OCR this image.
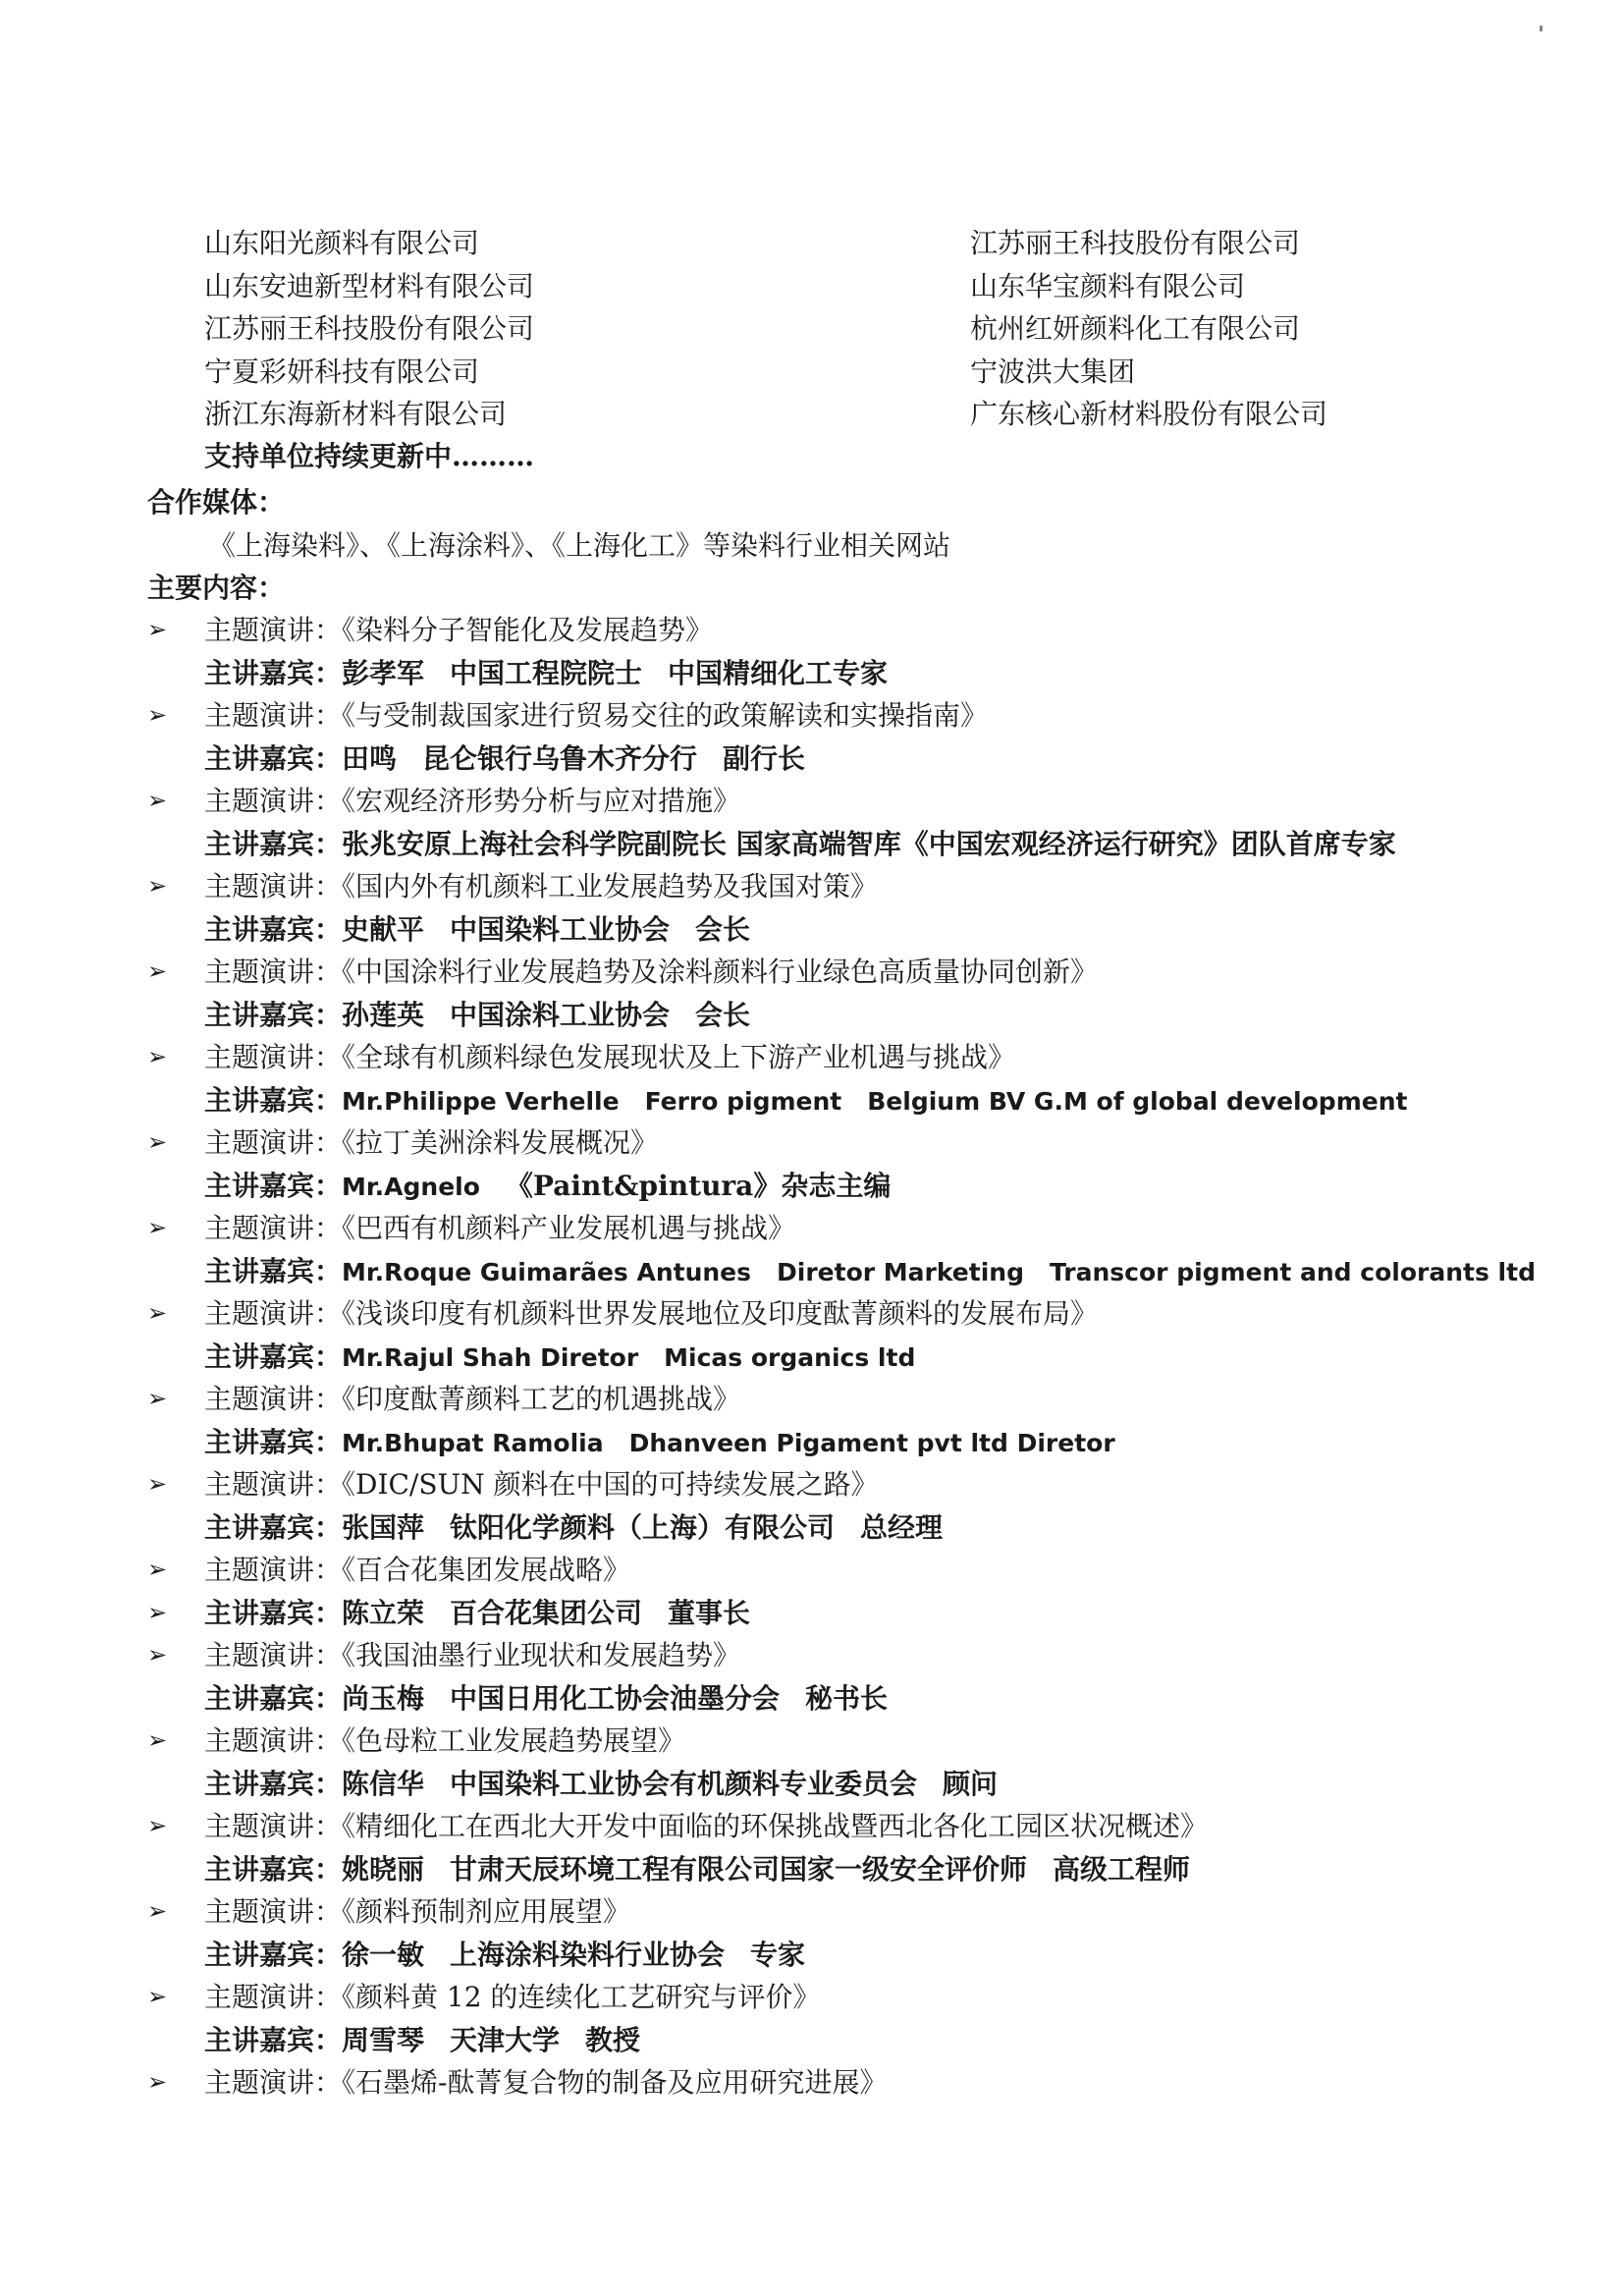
山东阳光颜料有限公司	江苏丽王科技股份有限公司
山东安迪新型材料有限公司	山东华宝颜料有限公司
江苏丽王科技股份有限公司	杭州红妍颜料化工有限公司
宁夏彩妍科技有限公司	宁波洪大集团
浙江东海新材料有限公司	广东核心新材料股份有限公司
支持单位持续更新中………
合作媒体：
《上海染料》、《上海涂料》、《上海化工》等染料行业相关网站
主要内容：
➢	主题演讲：《染料分子智能化及发展趋势》
主讲嘉宾：彭孝军 中国工程院院士 中国精细化工专家
➢	主题演讲：《与受制裁国家进行贸易交往的政策解读和实操指南》
主讲嘉宾：田鸣 昆仑银行乌鲁木齐分行 副行长
➢	主题演讲：《宏观经济形势分析与应对措施》
主讲嘉宾：张兆安原上海社会科学院副院长 国家高端智库《中国宏观经济运行研究》团队首席专家
➢	主题演讲：《国内外有机颜料工业发展趋势及我国对策》
主讲嘉宾：史献平 中国染料工业协会 会长
➢	主题演讲：《中国涂料行业发展趋势及涂料颜料行业绿色高质量协同创新》
主讲嘉宾：孙莲英 中国涂料工业协会 会长
➢	主题演讲：《全球有机颜料绿色发展现状及上下游产业机遇与挑战》
主讲嘉宾：Mr.Philippe Verhelle Ferro pigment Belgium BV G.M of global development
➢	主题演讲：《拉丁美洲涂料发展概况》
主讲嘉宾：Mr.Agnelo 《Paint&pintura》杂志主编
➢	主题演讲：《巴西有机颜料产业发展机遇与挑战》
主讲嘉宾：Mr.Roque Guimarães Antunes Diretor Marketing Transcor pigment and colorants ltd
➢	主题演讲：《浅谈印度有机颜料世界发展地位及印度酞菁颜料的发展布局》
主讲嘉宾：Mr.Rajul Shah Diretor Micas organics ltd
➢	主题演讲：《印度酞菁颜料工艺的机遇挑战》
主讲嘉宾：Mr.Bhupat Ramolia Dhanveen Pigament pvt ltd Diretor
➢	主题演讲：《DIC/SUN 颜料在中国的可持续发展之路》
主讲嘉宾：张国萍 钛阳化学颜料（上海）有限公司 总经理
➢	主题演讲：《百合花集团发展战略》
➢	主讲嘉宾：陈立荣 百合花集团公司 董事长
➢	主题演讲：《我国油墨行业现状和发展趋势》
主讲嘉宾：尚玉梅 中国日用化工协会油墨分会 秘书长
➢	主题演讲：《色母粒工业发展趋势展望》
主讲嘉宾：陈信华 中国染料工业协会有机颜料专业委员会 顾问
➢	主题演讲：《精细化工在西北大开发中面临的环保挑战暨西北各化工园区状况概述》
主讲嘉宾：姚晓丽 甘肃天辰环境工程有限公司国家一级安全评价师 高级工程师
➢	主题演讲：《颜料预制剂应用展望》
主讲嘉宾：徐一敏 上海涂料染料行业协会 专家
➢	主题演讲：《颜料黄 12 的连续化工艺研究与评价》
主讲嘉宾：周雪琴 天津大学 教授
➢	主题演讲：《石墨烯-酞菁复合物的制备及应用研究进展》
